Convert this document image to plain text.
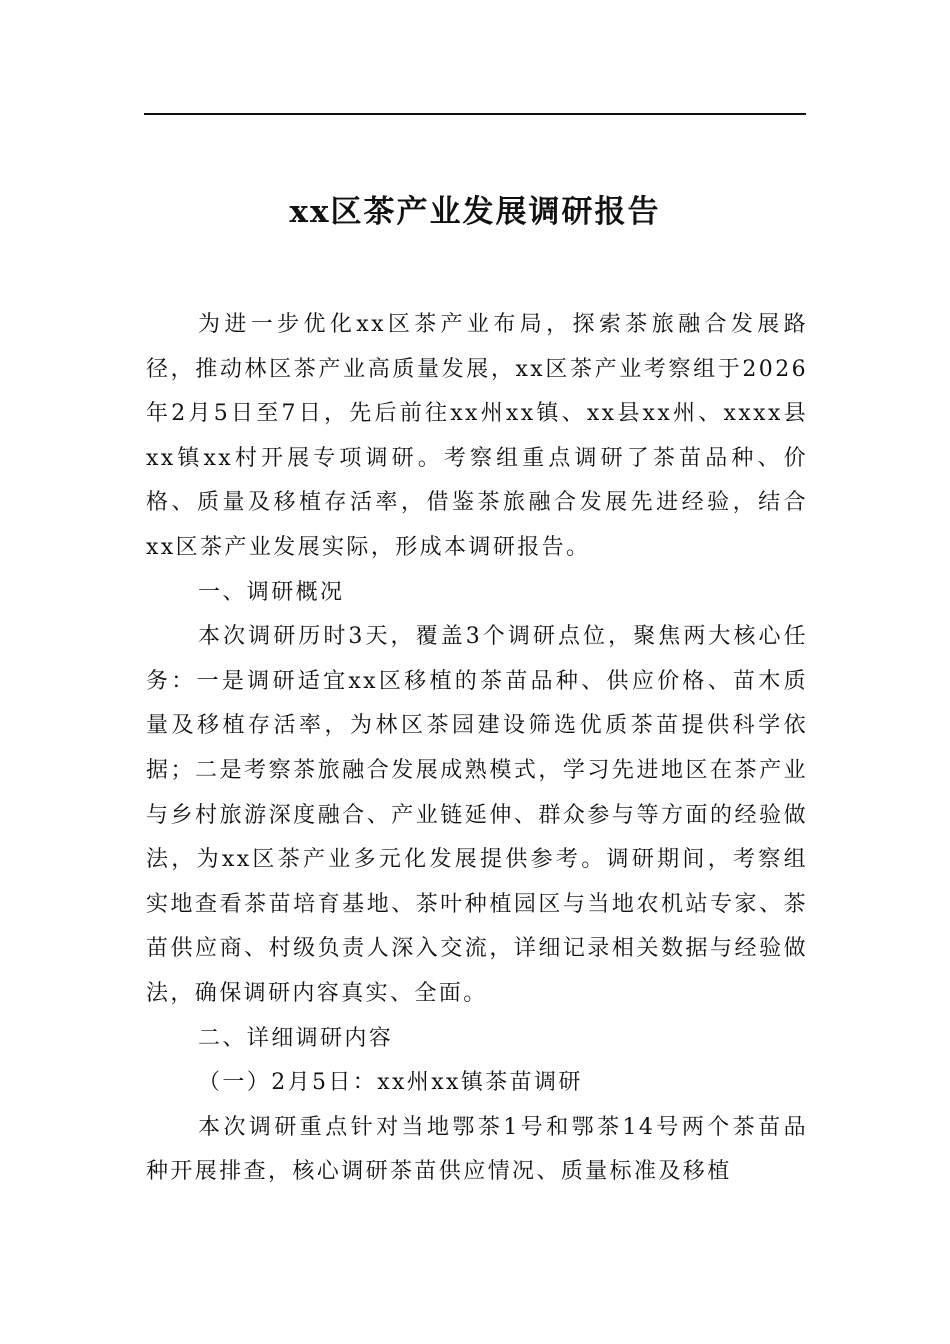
xx区茶产业发展调研报告

为进一步优化xx区茶产业布局，探索茶旅融合发展路径，推动林区茶产业高质量发展，xx区茶产业考察组于2026年2月5日至7日，先后前往xx州xx镇、xx县xx州、xxxx县xx镇xx村开展专项调研。考察组重点调研了茶苗品种、价格、质量及移植存活率，借鉴茶旅融合发展先进经验，结合xx区茶产业发展实际，形成本调研报告。

一、调研概况

本次调研历时3天，覆盖3个调研点位，聚焦两大核心任务：一是调研适宜xx区移植的茶苗品种、供应价格、苗木质量及移植存活率，为林区茶园建设筛选优质茶苗提供科学依据；二是考察茶旅融合发展成熟模式，学习先进地区在茶产业与乡村旅游深度融合、产业链延伸、群众参与等方面的经验做法，为xx区茶产业多元化发展提供参考。调研期间，考察组实地查看茶苗培育基地、茶叶种植园区与当地农机站专家、茶苗供应商、村级负责人深入交流，详细记录相关数据与经验做法，确保调研内容真实、全面。

二、详细调研内容

（一）2月5日：xx州xx镇茶苗调研

本次调研重点针对当地鄂茶1号和鄂茶14号两个茶苗品种开展排查，核心调研茶苗供应情况、质量标准及移植
